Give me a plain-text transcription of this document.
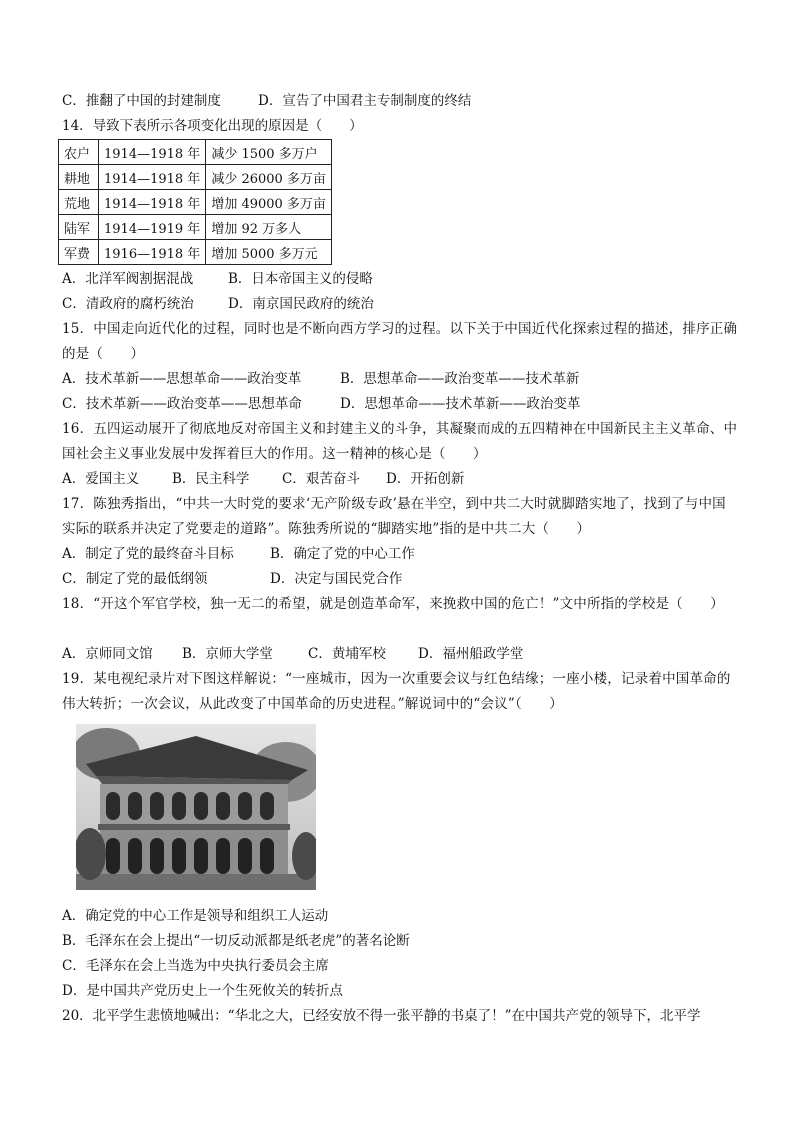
C．推翻了中国的封建制度	D．宣告了中国君主专制制度的终结
14．导致下表所示各项变化出现的原因是（　　）
农户	1914—1918 年	减少 1500 多万户
耕地	1914—1918 年	减少 26000 多万亩
荒地	1914—1918 年	增加 49000 多万亩
陆军	1914—1919 年	增加 92 万多人
军费	1916—1918 年	增加 5000 多万元
A．北洋军阀割据混战	B．日本帝国主义的侵略
C．清政府的腐朽统治	D．南京国民政府的统治
15．中国走向近代化的过程，同时也是不断向西方学习的过程。以下关于中国近代化探索过程的描述，排序正确的是（　　）
A．技术革新——思想革命——政治变革	B．思想革命——政治变革——技术革新
C．技术革新——政治变革——思想革命	D．思想革命——技术革新——政治变革
16．五四运动展开了彻底地反对帝国主义和封建主义的斗争，其凝聚而成的五四精神在中国新民主主义革命、中国社会主义事业发展中发挥着巨大的作用。这一精神的核心是（　　）
A．爱国主义 B．民主科学 C．艰苦奋斗 D．开拓创新
17．陈独秀指出，“中共一大时党的要求‘无产阶级专政’悬在半空，到中共二大时就脚踏实地了，找到了与中国实际的联系并决定了党要走的道路”。陈独秀所说的“脚踏实地”指的是中共二大（　　）
A．制定了党的最终奋斗目标	B．确定了党的中心工作
C．制定了党的最低纲领	D．决定与国民党合作
18．“开这个军官学校，独一无二的希望，就是创造革命军，来挽救中国的危亡！”文中所指的学校是（　　）
A．京师同文馆 B．京师大学堂	C．黄埔军校 D．福州船政学堂
19．某电视纪录片对下图这样解说：“一座城市，因为一次重要会议与红色结缘；一座小楼，记录着中国革命的伟大转折；一次会议，从此改变了中国革命的历史进程。”解说词中的“会议”（　　）
A．确定党的中心工作是领导和组织工人运动
B．毛泽东在会上提出“一切反动派都是纸老虎”的著名论断
C．毛泽东在会上当选为中央执行委员会主席
D．是中国共产党历史上一个生死攸关的转折点
20．北平学生悲愤地喊出：“华北之大，已经安放不得一张平静的书桌了！”在中国共产党的领导下，北平学
